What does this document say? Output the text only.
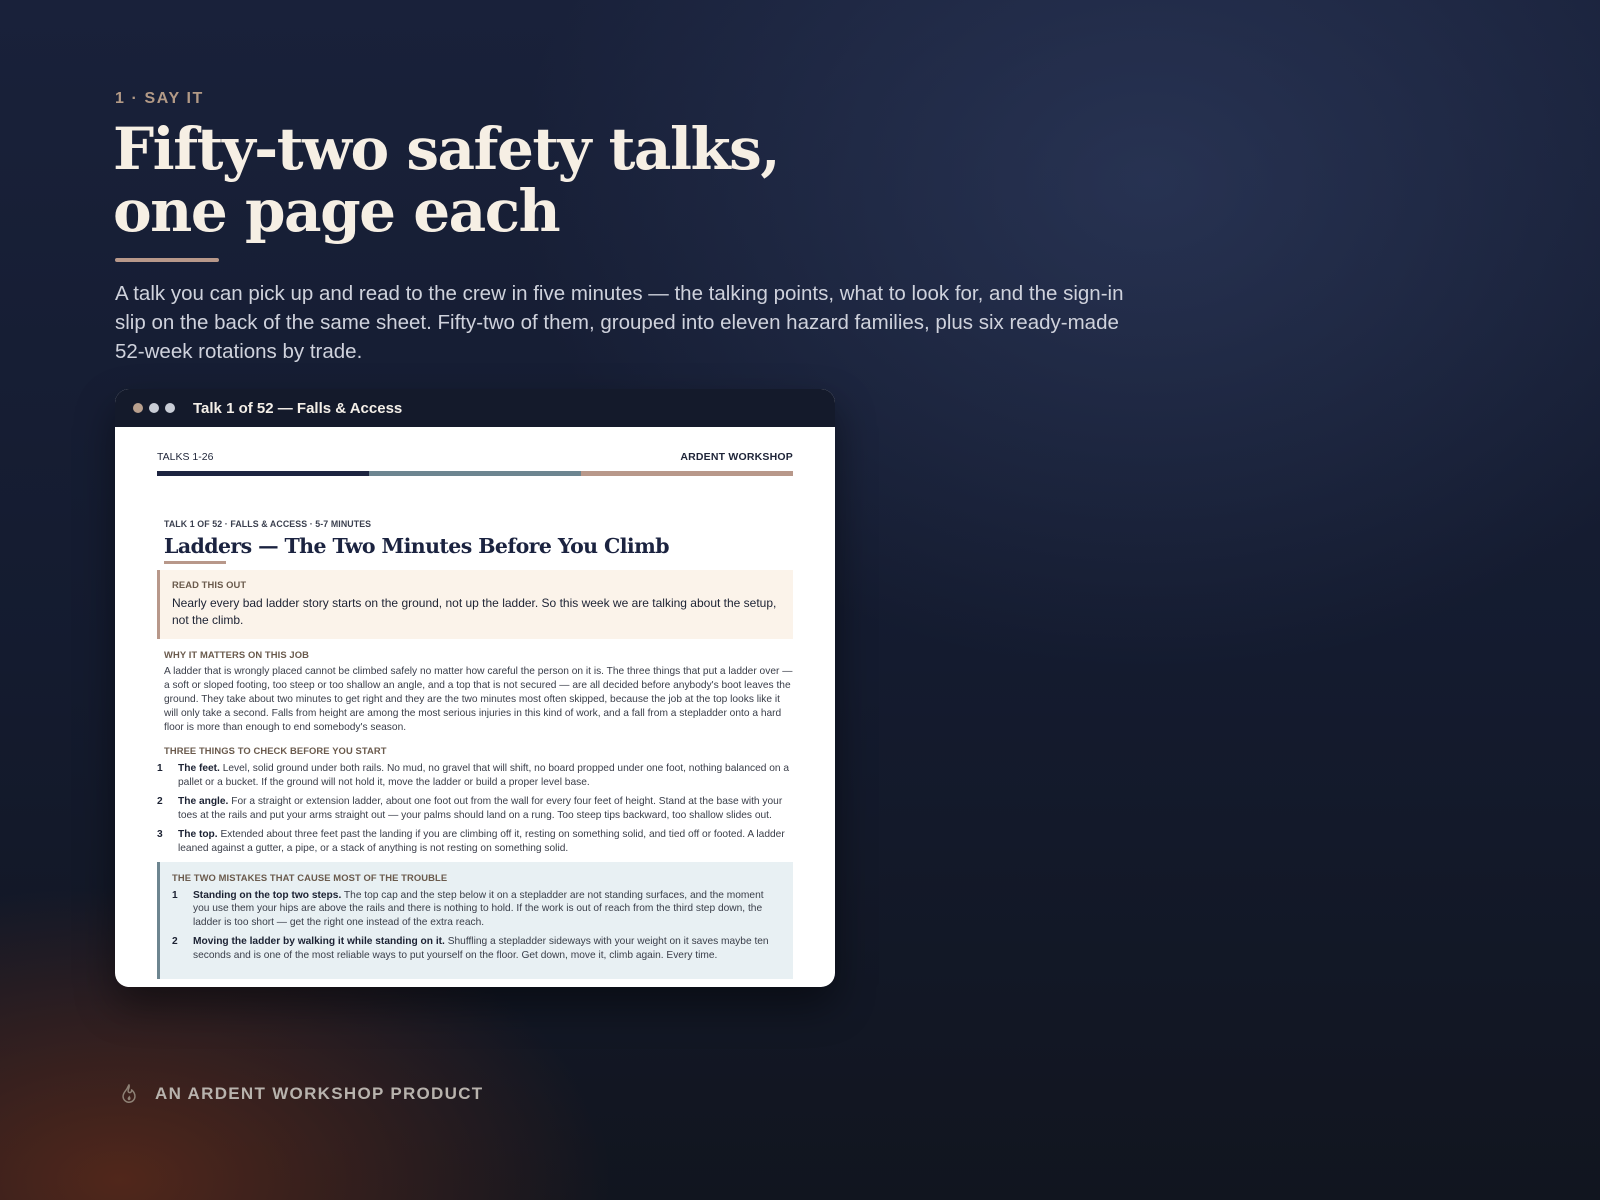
1 · SAY IT
Fifty-two safety talks,
one page each

A talk you can pick up and read to the crew in five minutes — the talking points, what to look for, and the sign-in slip on the back of the same sheet. Fifty-two of them, grouped into eleven hazard families, plus six ready-made 52-week rotations by trade.

Talk 1 of 52 — Falls & Access
TALKS 1-26	ARDENT WORKSHOP
TALK 1 OF 52 · FALLS & ACCESS · 5-7 MINUTES
Ladders — The Two Minutes Before You Climb
READ THIS OUT
Nearly every bad ladder story starts on the ground, not up the ladder. So this week we are talking about the setup, not the climb.
WHY IT MATTERS ON THIS JOB
A ladder that is wrongly placed cannot be climbed safely no matter how careful the person on it is. The three things that put a ladder over — a soft or sloped footing, too steep or too shallow an angle, and a top that is not secured — are all decided before anybody's boot leaves the ground. They take about two minutes to get right and they are the two minutes most often skipped, because the job at the top looks like it will only take a second. Falls from height are among the most serious injuries in this kind of work, and a fall from a stepladder onto a hard floor is more than enough to end somebody's season.
THREE THINGS TO CHECK BEFORE YOU START
1	The feet. Level, solid ground under both rails. No mud, no gravel that will shift, no board propped under one foot, nothing balanced on a pallet or a bucket. If the ground will not hold it, move the ladder or build a proper level base.
2	The angle. For a straight or extension ladder, about one foot out from the wall for every four feet of height. Stand at the base with your toes at the rails and put your arms straight out — your palms should land on a rung. Too steep tips backward, too shallow slides out.
3	The top. Extended about three feet past the landing if you are climbing off it, resting on something solid, and tied off or footed. A ladder leaned against a gutter, a pipe, or a stack of anything is not resting on something solid.
THE TWO MISTAKES THAT CAUSE MOST OF THE TROUBLE
1	Standing on the top two steps. The top cap and the step below it on a stepladder are not standing surfaces, and the moment you use them your hips are above the rails and there is nothing to hold. If the work is out of reach from the third step down, the ladder is too short — get the right one instead of the extra reach.
2	Moving the ladder by walking it while standing on it. Shuffling a stepladder sideways with your weight on it saves maybe ten seconds and is one of the most reliable ways to put yourself on the floor. Get down, move it, climb again. Every time.
AN ARDENT WORKSHOP PRODUCT
